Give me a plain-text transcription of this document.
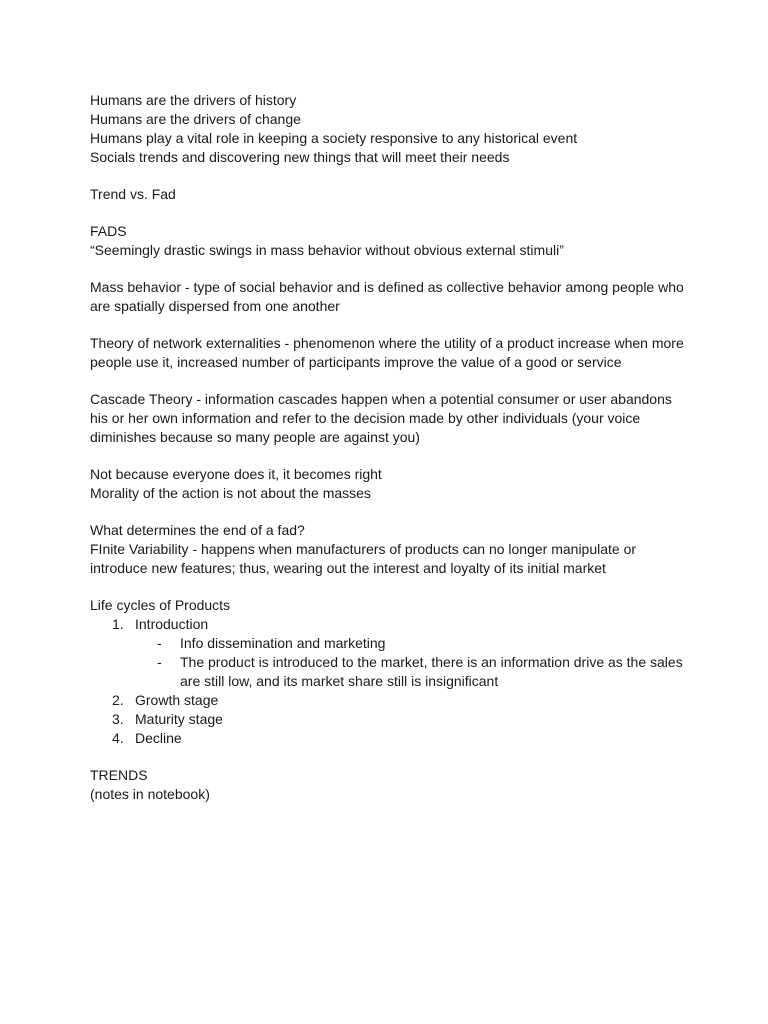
Humans are the drivers of history
Humans are the drivers of change
Humans play a vital role in keeping a society responsive to any historical event
Socials trends and discovering new things that will meet their needs
Trend vs. Fad
FADS
“Seemingly drastic swings in mass behavior without obvious external stimuli”
Mass behavior - type of social behavior and is defined as collective behavior among people who are spatially dispersed from one another
Theory of network externalities - phenomenon where the utility of a product increase when more people use it, increased number of participants improve the value of a good or service
Cascade Theory - information cascades happen when a potential consumer or user abandons his or her own information and refer to the decision made by other individuals (your voice diminishes because so many people are against you)
Not because everyone does it, it becomes right
Morality of the action is not about the masses
What determines the end of a fad?
FInite Variability - happens when manufacturers of products can no longer manipulate or introduce new features; thus, wearing out the interest and loyalty of its initial market
Life cycles of Products
1. Introduction
- Info dissemination and marketing
- The product is introduced to the market, there is an information drive as the sales are still low, and its market share still is insignificant
2. Growth stage
3. Maturity stage
4. Decline
TRENDS
(notes in notebook)
